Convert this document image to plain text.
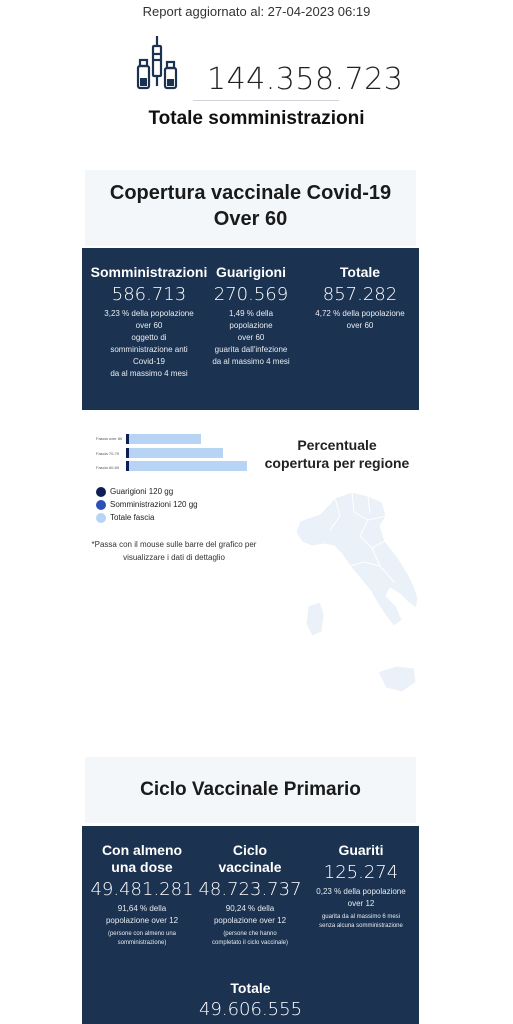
Report aggiornato al: 27-04-2023 06:19
144.358.723
Totale somministrazioni
Copertura vaccinale Covid-19
Over 60
Somministrazioni
586.713
3,23 % della popolazione
over 60
oggetto di
somministrazione anti
Covid-19
da al massimo 4 mesi
Guarigioni
270.569
1,49 % della popolazione
over 60
guarita dall'infezione
da al massimo 4 mesi
Totale
857.282
4,72 % della popolazione
over 60
Fascia over 80
Fascia 70-79
Fascia 60-69
Guarigioni 120 gg
Somministrazioni 120 gg
Totale fascia
*Passa con il mouse sulle barre del grafico per visualizzare i dati di dettaglio
Percentuale
copertura per regione
Ciclo Vaccinale Primario
Con almeno
una dose
49.481.281
91,64 % della
popolazione over 12
(persone con almeno una
somministrazione)
Ciclo
vaccinale
48.723.737
90,24 % della
popolazione over 12
(persone che hanno
completato il ciclo vaccinale)
Guariti
125.274
0,23 % della popolazione
over 12
guarita da al massimo 6 mesi
senza alcuna somministrazione
Totale
49.606.555
